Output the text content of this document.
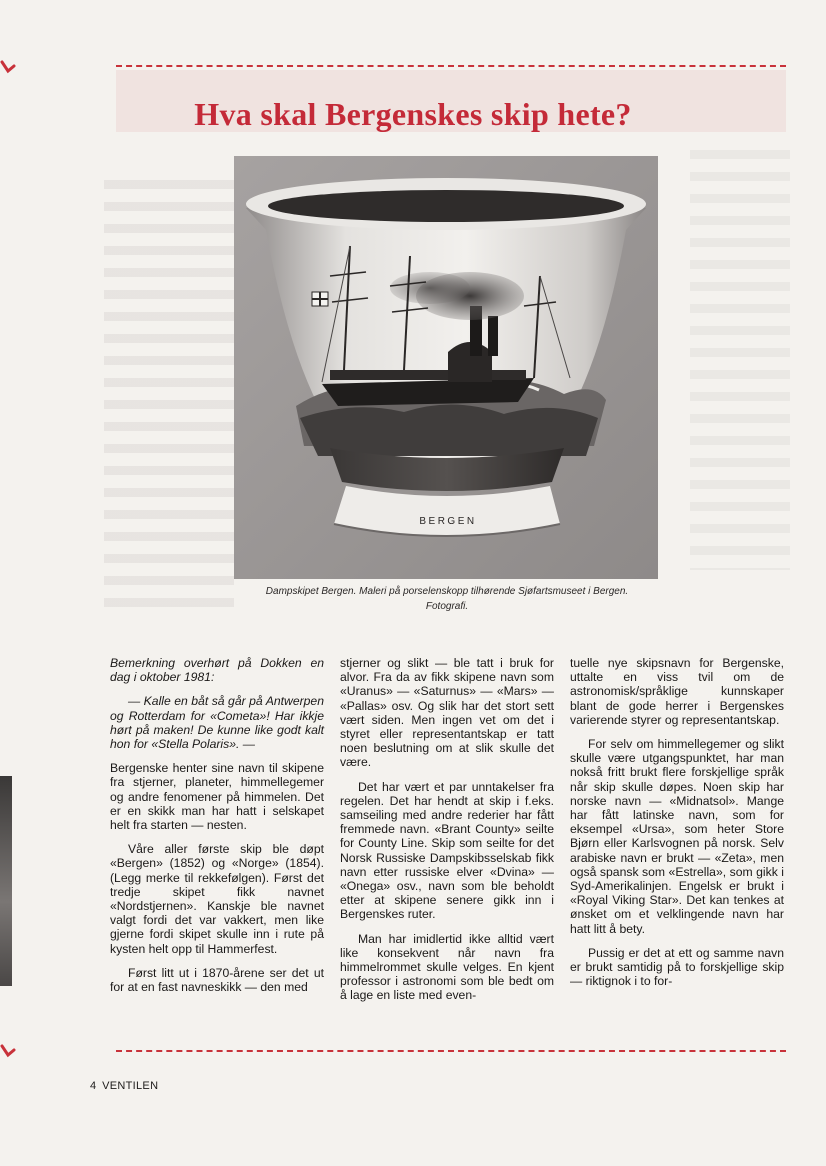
Hva skal Bergenskes skip hete?
BERGEN
Dampskipet Bergen. Maleri på porselenskopp tilhørende Sjøfartsmuseet i Bergen.
Fotografi.

Bemerkning overhørt på Dokken en dag i oktober 1981:

— Kalle en båt så går på Antwerpen og Rotterdam for «Cometa»! Har ikkje hørt på maken! De kunne like godt kalt hon for «Stella Polaris». —

Bergenske henter sine navn til skipene fra stjerner, planeter, himmellegemer og andre fenomener på himmelen. Det er en skikk man har hatt i selskapet helt fra starten — nesten.

Våre aller første skip ble døpt «Bergen» (1852) og «Norge» (1854). (Legg merke til rekkefølgen). Først det tredje skipet fikk navnet «Nordstjernen». Kanskje ble navnet valgt fordi det var vakkert, men like gjerne fordi skipet skulle inn i rute på kysten helt opp til Hammerfest.

Først litt ut i 1870-årene ser det ut for at en fast navneskikk — den med

stjerner og slikt — ble tatt i bruk for alvor. Fra da av fikk skipene navn som «Uranus» — «Saturnus» — «Mars» — «Pallas» osv. Og slik har det stort sett vært siden. Men ingen vet om det i styret eller representantskap er tatt noen beslutning om at slik skulle det være.

Det har vært et par unntakelser fra regelen. Det har hendt at skip i f.eks. samseiling med andre rederier har fått fremmede navn. «Brant County» seilte for County Line. Skip som seilte for det Norsk Russiske Dampskibsselskab fikk navn etter russiske elver «Dvina» — «Onega» osv., navn som ble beholdt etter at skipene senere gikk inn i Bergenskes ruter.

Man har imidlertid ikke alltid vært like konsekvent når navn fra himmelrommet skulle velges. En kjent professor i astronomi som ble bedt om å lage en liste med even-

tuelle nye skipsnavn for Bergenske, uttalte en viss tvil om de astronomisk/språklige kunnskaper blant de gode herrer i Bergenskes varierende styrer og representantskap.

For selv om himmellegemer og slikt skulle være utgangspunktet, har man nokså fritt brukt flere forskjellige språk når skip skulle døpes. Noen skip har norske navn — «Midnatsol». Mange har fått latinske navn, som for eksempel «Ursa», som heter Store Bjørn eller Karlsvognen på norsk. Selv arabiske navn er brukt — «Zeta», men også spansk som «Estrella», som gikk i Syd-Amerikalinjen. Engelsk er brukt i «Royal Viking Star». Det kan tenkes at ønsket om et velklingende navn har hatt litt å bety.

Pussig er det at ett og samme navn er brukt samtidig på to forskjellige skip — riktignok i to for-

4 VENTILEN
